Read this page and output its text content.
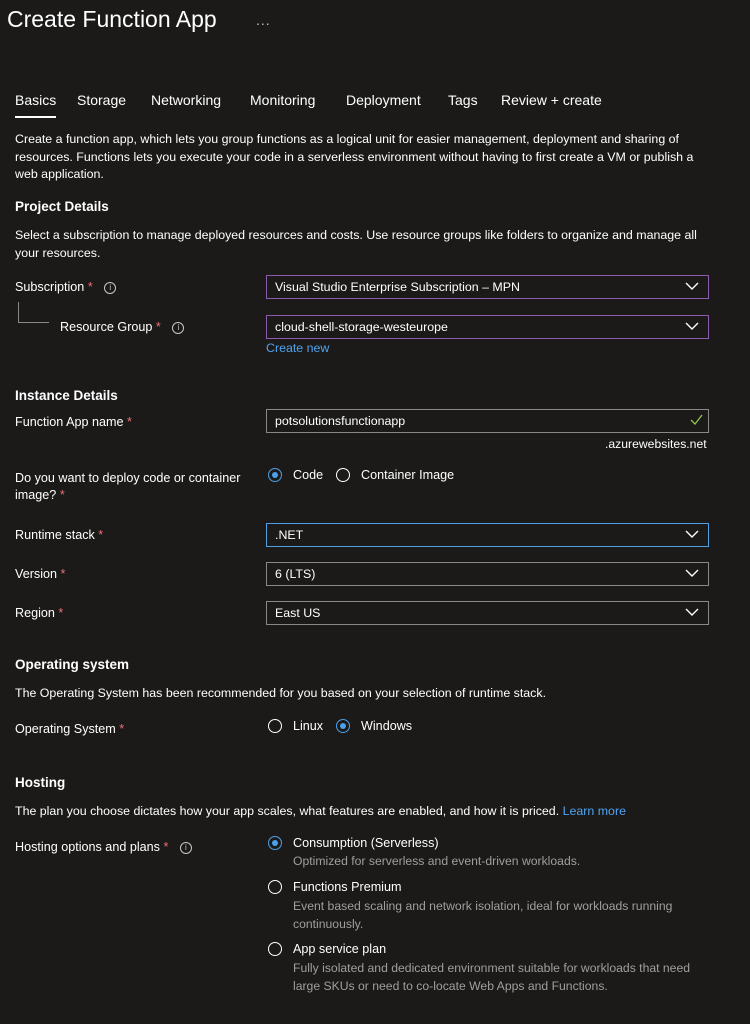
Create Function App	...
Basics Storage Networking Monitoring Deployment Tags Review + create
Create a function app, which lets you group functions as a logical unit for easier management, deployment and sharing of resources. Functions lets you execute your code in a serverless environment without having to first create a VM or publish a web application.
Project Details
Select a subscription to manage deployed resources and costs. Use resource groups like folders to organize and manage all your resources.
Subscription * i	Visual Studio Enterprise Subscription – MPN
Resource Group * i	cloud-shell-storage-westeurope
Create new
Instance Details
Function App name *	potsolutionsfunctionapp
.azurewebsites.net
Do you want to deploy code or container image? *
Code	Container Image
Runtime stack *	.NET
Version *	6 (LTS)
Region *	East US
Operating system
The Operating System has been recommended for you based on your selection of runtime stack.
Operating System *	Linux	Windows
Hosting
The plan you choose dictates how your app scales, what features are enabled, and how it is priced. Learn more
Hosting options and plans * i	Consumption (Serverless)
Optimized for serverless and event-driven workloads.
Functions Premium
Event based scaling and network isolation, ideal for workloads running continuously.
App service plan
Fully isolated and dedicated environment suitable for workloads that need large SKUs or need to co-locate Web Apps and Functions.
